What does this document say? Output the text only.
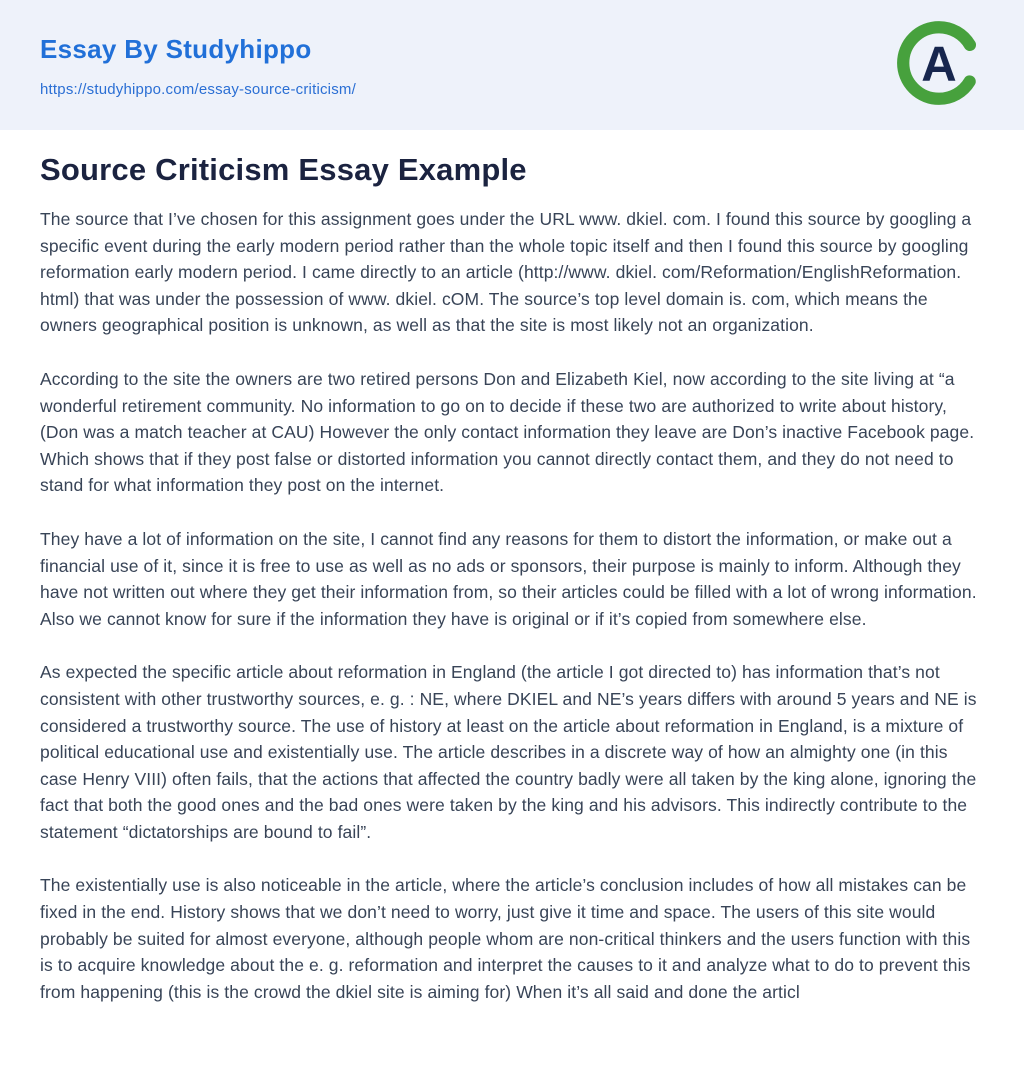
Essay By Studyhippo
https://studyhippo.com/essay-source-criticism/	A
Source Criticism Essay Example

The source that I’ve chosen for this assignment goes under the URL www. dkiel. com. I found this source by googling a specific event during the early modern period rather than the whole topic itself and then I found this source by googling reformation early modern period. I came directly to an article (http://www. dkiel. com/Reformation/EnglishReformation. html) that was under the possession of www. dkiel. cOM. The source’s top level domain is. com, which means the owners geographical position is unknown, as well as that the site is most likely not an organization.

According to the site the owners are two retired persons Don and Elizabeth Kiel, now according to the site living at “a wonderful retirement community. No information to go on to decide if these two are authorized to write about history, (Don was a match teacher at CAU) However the only contact information they leave are Don’s inactive Facebook page. Which shows that if they post false or distorted information you cannot directly contact them, and they do not need to stand for what information they post on the internet.

They have a lot of information on the site, I cannot find any reasons for them to distort the information, or make out a financial use of it, since it is free to use as well as no ads or sponsors, their purpose is mainly to inform. Although they have not written out where they get their information from, so their articles could be filled with a lot of wrong information. Also we cannot know for sure if the information they have is original or if it’s copied from somewhere else.

As expected the specific article about reformation in England (the article I got directed to) has information that’s not consistent with other trustworthy sources, e. g. : NE, where DKIEL and NE’s years differs with around 5 years and NE is considered a trustworthy source. The use of history at least on the article about reformation in England, is a mixture of political educational use and existentially use. The article describes in a discrete way of how an almighty one (in this case Henry VIII) often fails, that the actions that affected the country badly were all taken by the king alone, ignoring the fact that both the good ones and the bad ones were taken by the king and his advisors. This indirectly contribute to the statement “dictatorships are bound to fail”.

The existentially use is also noticeable in the article, where the article’s conclusion includes of how all mistakes can be fixed in the end. History shows that we don’t need to worry, just give it time and space. The users of this site would probably be suited for almost everyone, although people whom are non-critical thinkers and the users function with this is to acquire knowledge about the e. g. reformation and interpret the causes to it and analyze what to do to prevent this from happening (this is the crowd the dkiel site is aiming for) When it’s all said and done the articl
